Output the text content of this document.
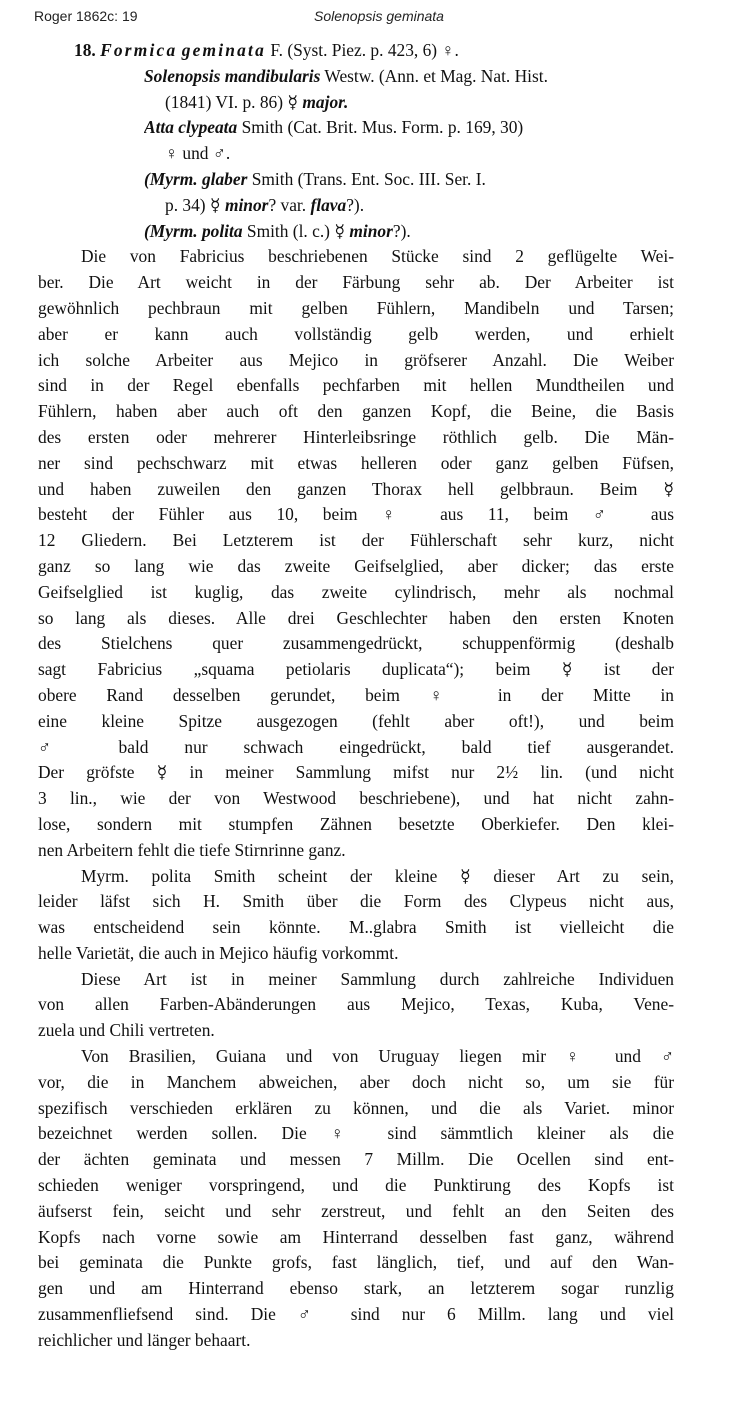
Roger 1862c: 19	Solenopsis geminata
18. Formica geminata F. (Syst. Piez. p. 423, 6) ♀.
Solenopsis mandibularis Westw. (Ann. et Mag. Nat. Hist.
(1841) VI. p. 86) ☿ major.
Atta clypeata Smith (Cat. Brit. Mus. Form. p. 169, 30)
♀ und ♂.
(Myrm. glaber Smith (Trans. Ent. Soc. III. Ser. I.
p. 34) ☿ minor? var. flava?).
(Myrm. polita Smith (l. c.) ☿ minor?).
Die von Fabricius beschriebenen Stücke sind 2 geflügelte Wei-
ber. Die Art weicht in der Färbung sehr ab. Der Arbeiter ist
gewöhnlich pechbraun mit gelben Fühlern, Mandibeln und Tarsen;
aber er kann auch vollständig gelb werden, und erhielt
ich solche Arbeiter aus Mejico in gröfserer Anzahl. Die Weiber
sind in der Regel ebenfalls pechfarben mit hellen Mundtheilen und
Fühlern, haben aber auch oft den ganzen Kopf, die Beine, die Basis
des ersten oder mehrerer Hinterleibsringe röthlich gelb. Die Män-
ner sind pechschwarz mit etwas helleren oder ganz gelben Füfsen,
und haben zuweilen den ganzen Thorax hell gelbbraun. Beim ☿
besteht der Fühler aus 10, beim ♀ aus 11, beim ♂ aus
12 Gliedern. Bei Letzterem ist der Fühlerschaft sehr kurz, nicht
ganz so lang wie das zweite Geifselglied, aber dicker; das erste
Geifselglied ist kuglig, das zweite cylindrisch, mehr als nochmal
so lang als dieses. Alle drei Geschlechter haben den ersten Knoten
des Stielchens quer zusammengedrückt, schuppenförmig (deshalb
sagt Fabricius „squama petiolaris duplicata“); beim ☿ ist der
obere Rand desselben gerundet, beim ♀ in der Mitte in
eine kleine Spitze ausgezogen (fehlt aber oft!), und beim
♂ bald nur schwach eingedrückt, bald tief ausgerandet.
Der gröfste ☿ in meiner Sammlung mifst nur 2½ lin. (und nicht
3 lin., wie der von Westwood beschriebene), und hat nicht zahn-
lose, sondern mit stumpfen Zähnen besetzte Oberkiefer. Den klei-
nen Arbeitern fehlt die tiefe Stirnrinne ganz.
Myrm. polita Smith scheint der kleine ☿ dieser Art zu sein,
leider läfst sich H. Smith über die Form des Clypeus nicht aus,
was entscheidend sein könnte. M..glabra Smith ist vielleicht die
helle Varietät, die auch in Mejico häufig vorkommt.
Diese Art ist in meiner Sammlung durch zahlreiche Individuen
von allen Farben-Abänderungen aus Mejico, Texas, Kuba, Vene-
zuela und Chili vertreten.
Von Brasilien, Guiana und von Uruguay liegen mir ♀ und ♂
vor, die in Manchem abweichen, aber doch nicht so, um sie für
spezifisch verschieden erklären zu können, und die als Variet. minor
bezeichnet werden sollen. Die ♀ sind sämmtlich kleiner als die
der ächten geminata und messen 7 Millm. Die Ocellen sind ent-
schieden weniger vorspringend, und die Punktirung des Kopfs ist
äufserst fein, seicht und sehr zerstreut, und fehlt an den Seiten des
Kopfs nach vorne sowie am Hinterrand desselben fast ganz, während
bei geminata die Punkte grofs, fast länglich, tief, und auf den Wan-
gen und am Hinterrand ebenso stark, an letzterem sogar runzlig
zusammenfliefsend sind. Die ♂ sind nur 6 Millm. lang und viel
reichlicher und länger behaart.
